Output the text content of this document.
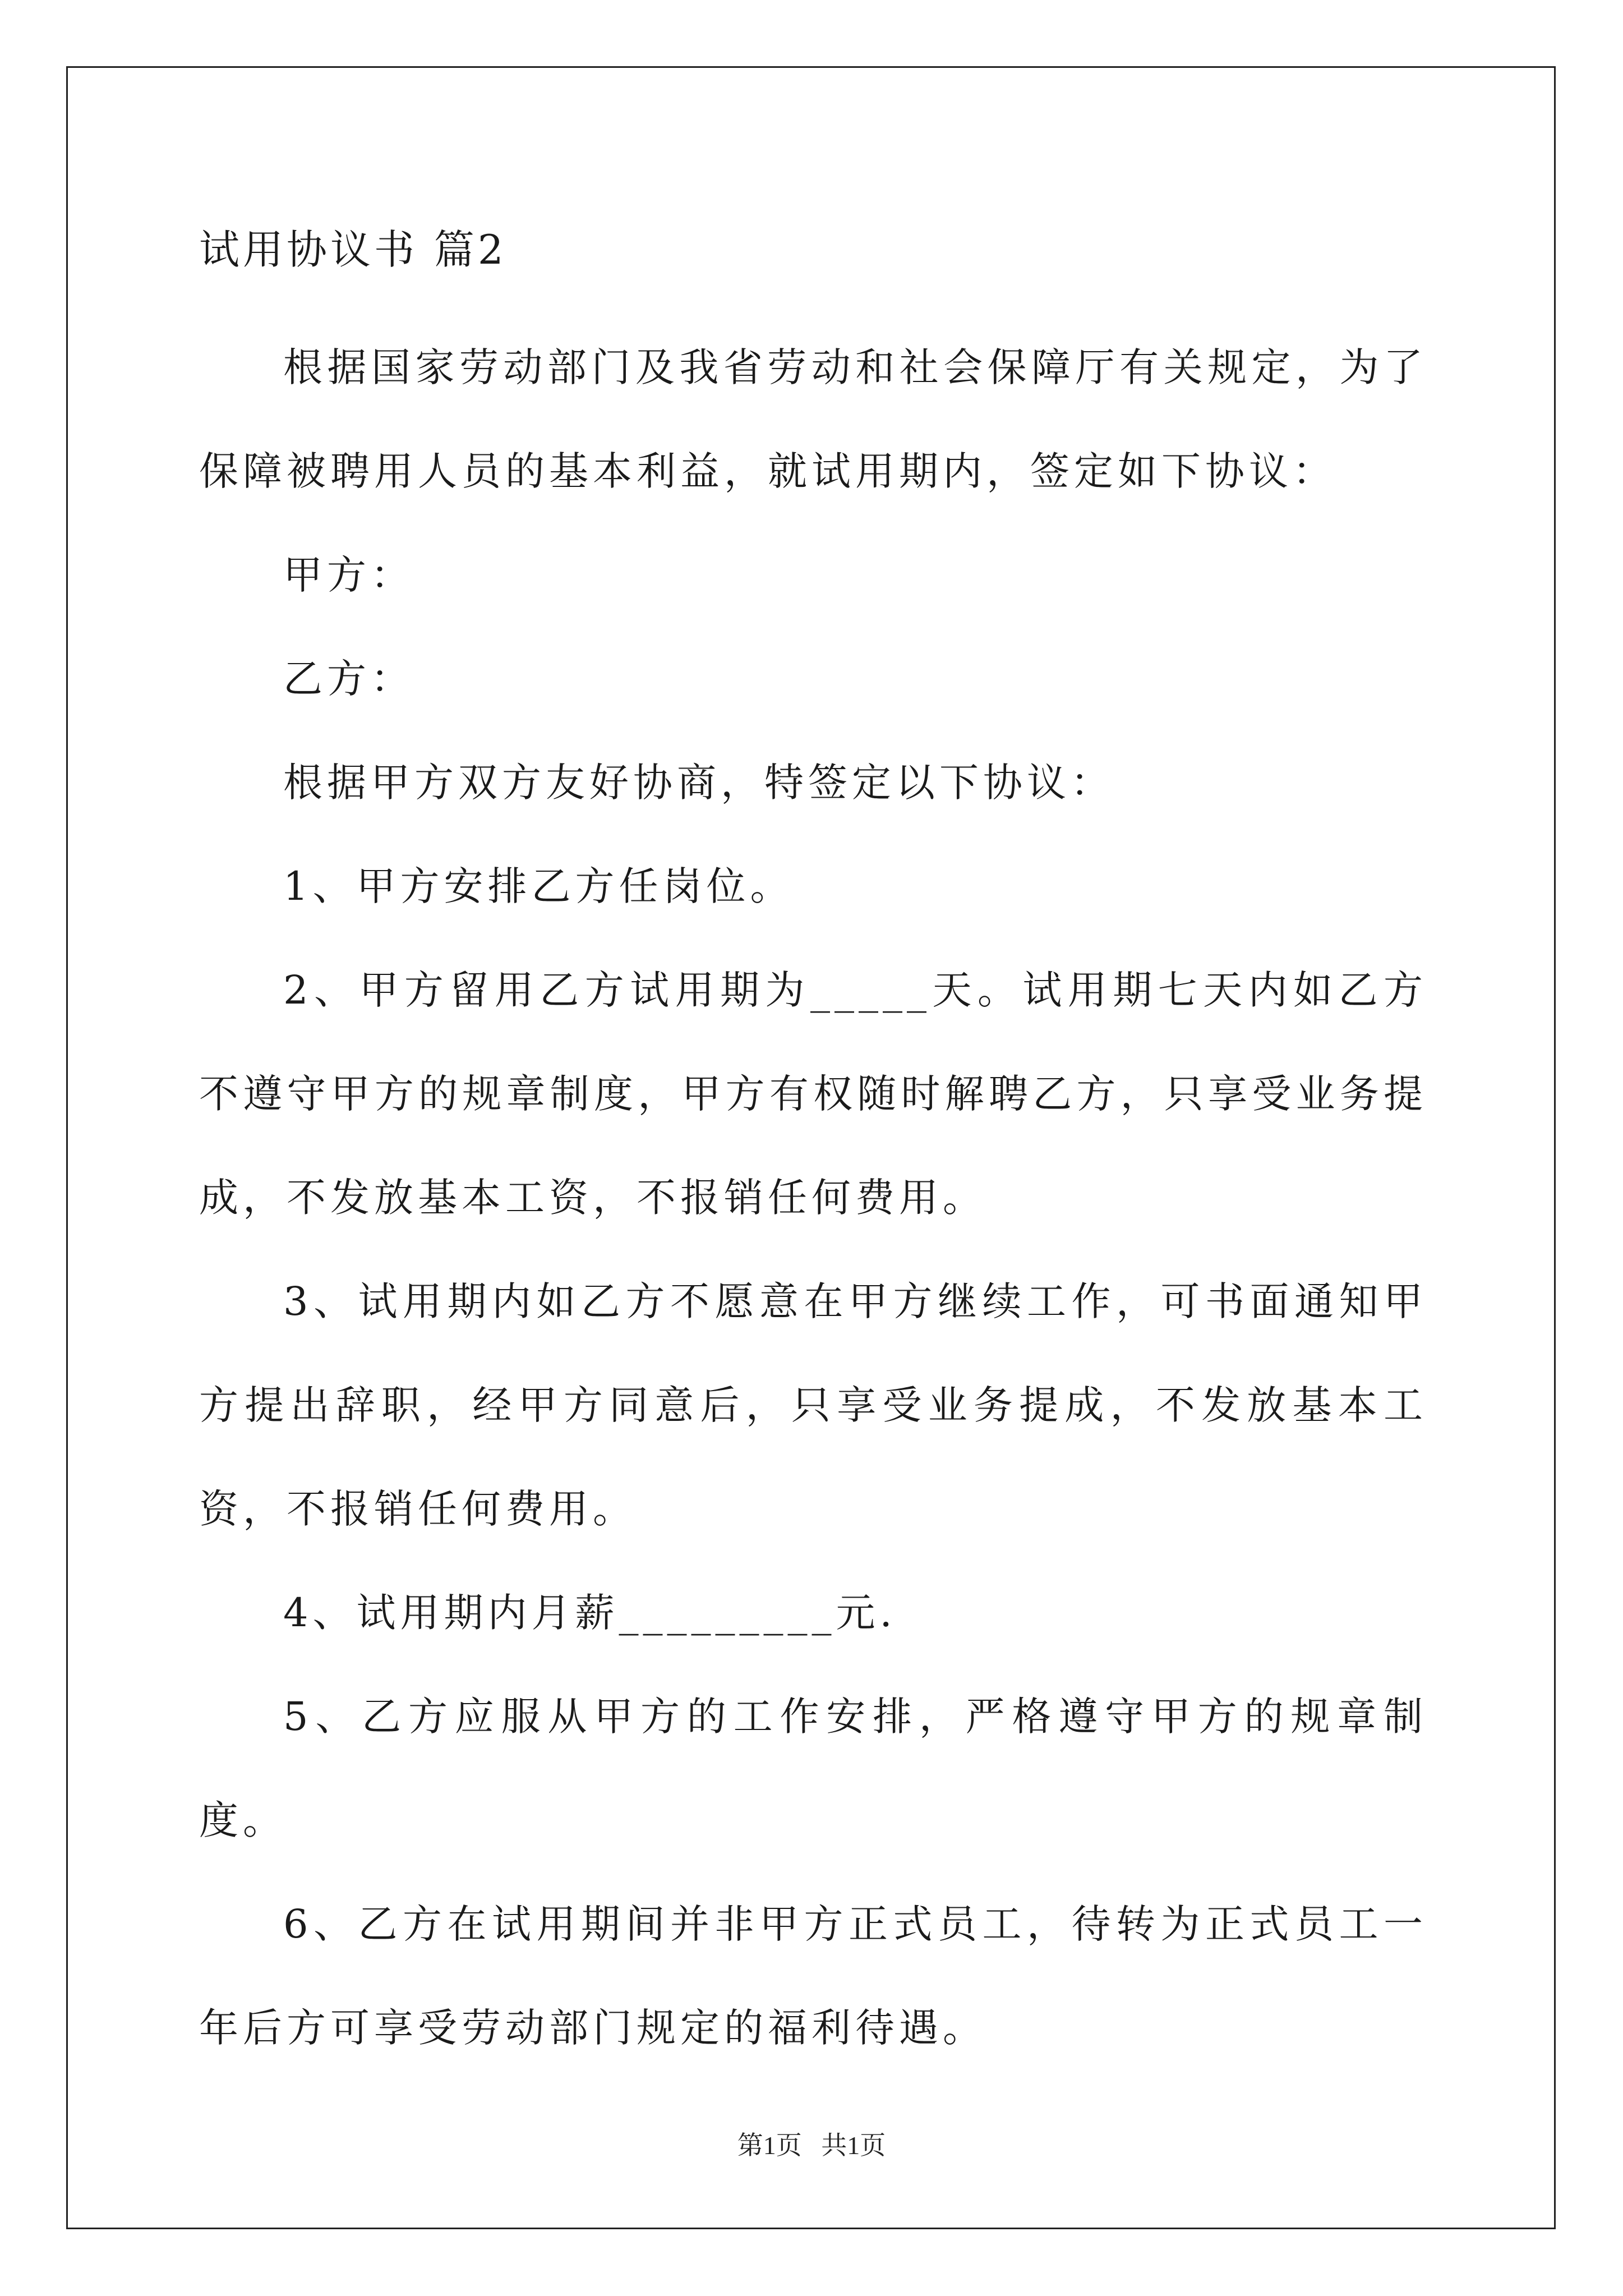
试用协议书 篇2

根据国家劳动部门及我省劳动和社会保障厅有关规定，为了保障被聘用人员的基本利益，就试用期内，签定如下协议：

甲方：

乙方：

根据甲方双方友好协商，特签定以下协议：

1、甲方安排乙方任岗位。

2、甲方留用乙方试用期为_____天。试用期七天内如乙方不遵守甲方的规章制度，甲方有权随时解聘乙方，只享受业务提成，不发放基本工资，不报销任何费用。

3、试用期内如乙方不愿意在甲方继续工作，可书面通知甲方提出辞职，经甲方同意后，只享受业务提成，不发放基本工资，不报销任何费用。

4、试用期内月薪_________元.

5、乙方应服从甲方的工作安排，严格遵守甲方的规章制度。

6、乙方在试用期间并非甲方正式员工，待转为正式员工一年后方可享受劳动部门规定的福利待遇。

第1页   共1页
